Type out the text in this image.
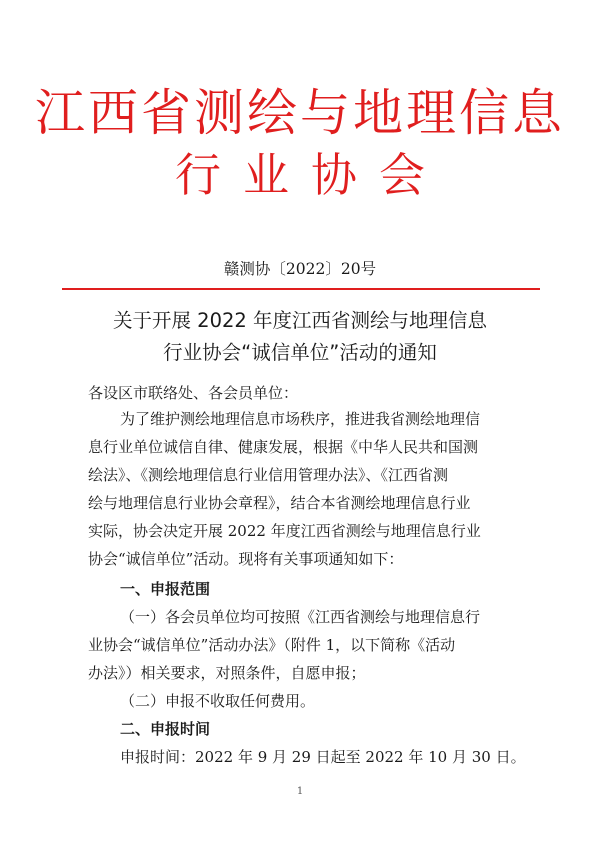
江西省测绘与地理信息
行业协会
赣测协〔2022〕20号
关于开展 2022 年度江西省测绘与地理信息
行业协会“诚信单位”活动的通知
各设区市联络处、各会员单位：
为了维护测绘地理信息市场秩序，推进我省测绘地理信
息行业单位诚信自律、健康发展，根据《中华人民共和国测
绘法》、《测绘地理信息行业信用管理办法》、《江西省测
绘与地理信息行业协会章程》，结合本省测绘地理信息行业
实际，协会决定开展 2022 年度江西省测绘与地理信息行业
协会“诚信单位”活动。现将有关事项通知如下：
一、申报范围
（一）各会员单位均可按照《江西省测绘与地理信息行
业协会“诚信单位”活动办法》（附件 1，以下简称《活动
办法》）相关要求，对照条件，自愿申报；
（二）申报不收取任何费用。
二、申报时间
申报时间：2022 年 9 月 29 日起至 2022 年 10 月 30 日。
1
